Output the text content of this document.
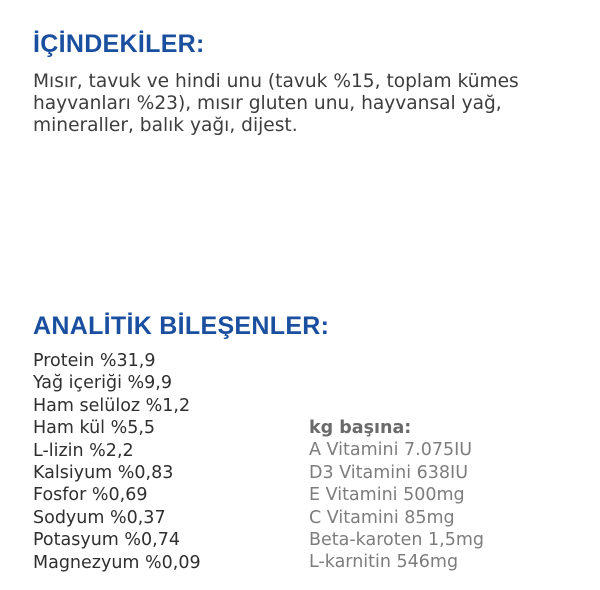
İÇİNDEKİLER:

Mısır, tavuk ve hindi unu (tavuk %15, toplam kümes hayvanları %23), mısır gluten unu, hayvansal yağ, mineraller, balık yağı, dijest.

ANALİTİK BİLEŞENLER:
Protein %31,9
Yağ içeriği %9,9
Ham selüloz %1,2
Ham kül %5,5
L-lizin %2,2
Kalsiyum %0,83
Fosfor %0,69
Sodyum %0,37
Potasyum %0,74
Magnezyum %0,09
kg başına:
A Vitamini 7.075IU
D3 Vitamini 638IU
E Vitamini 500mg
C Vitamini 85mg
Beta-karoten 1,5mg
L-karnitin 546mg
